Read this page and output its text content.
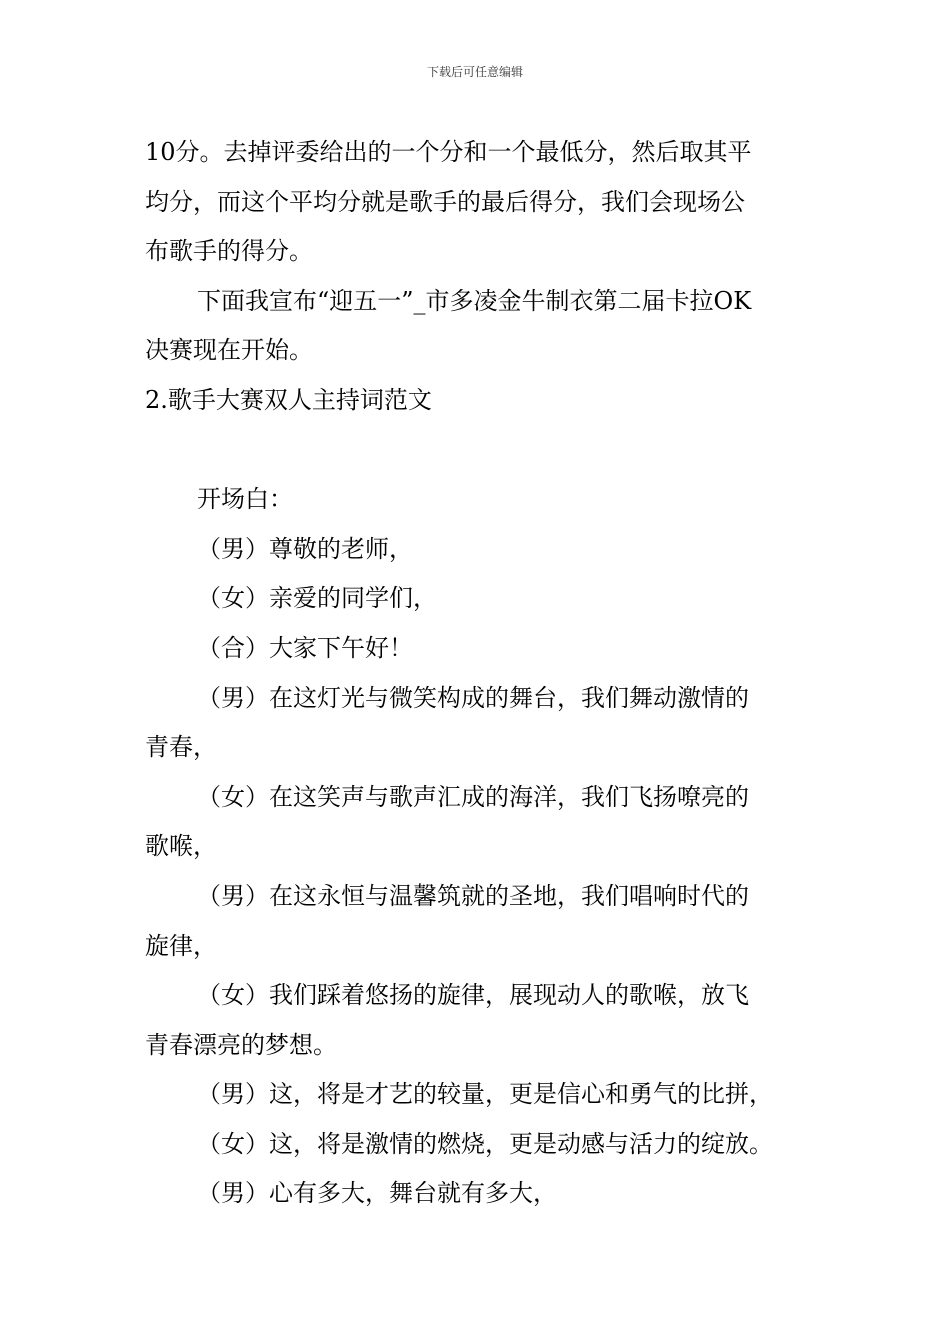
下载后可任意编辑
10分。去掉评委给出的一个分和一个最低分，然后取其平
均分，而这个平均分就是歌手的最后得分，我们会现场公
布歌手的得分。
下面我宣布“迎五一”_市多凌金牛制衣第二届卡拉OK
决赛现在开始。
2.歌手大赛双人主持词范文
开场白：
（男）尊敬的老师，
（女）亲爱的同学们，
（合）大家下午好！
（男）在这灯光与微笑构成的舞台，我们舞动激情的
青春，
（女）在这笑声与歌声汇成的海洋，我们飞扬嘹亮的
歌喉，
（男）在这永恒与温馨筑就的圣地，我们唱响时代的
旋律，
（女）我们踩着悠扬的旋律，展现动人的歌喉，放飞
青春漂亮的梦想。
（男）这，将是才艺的较量，更是信心和勇气的比拼，
（女）这，将是激情的燃烧，更是动感与活力的绽放。
（男）心有多大，舞台就有多大，
